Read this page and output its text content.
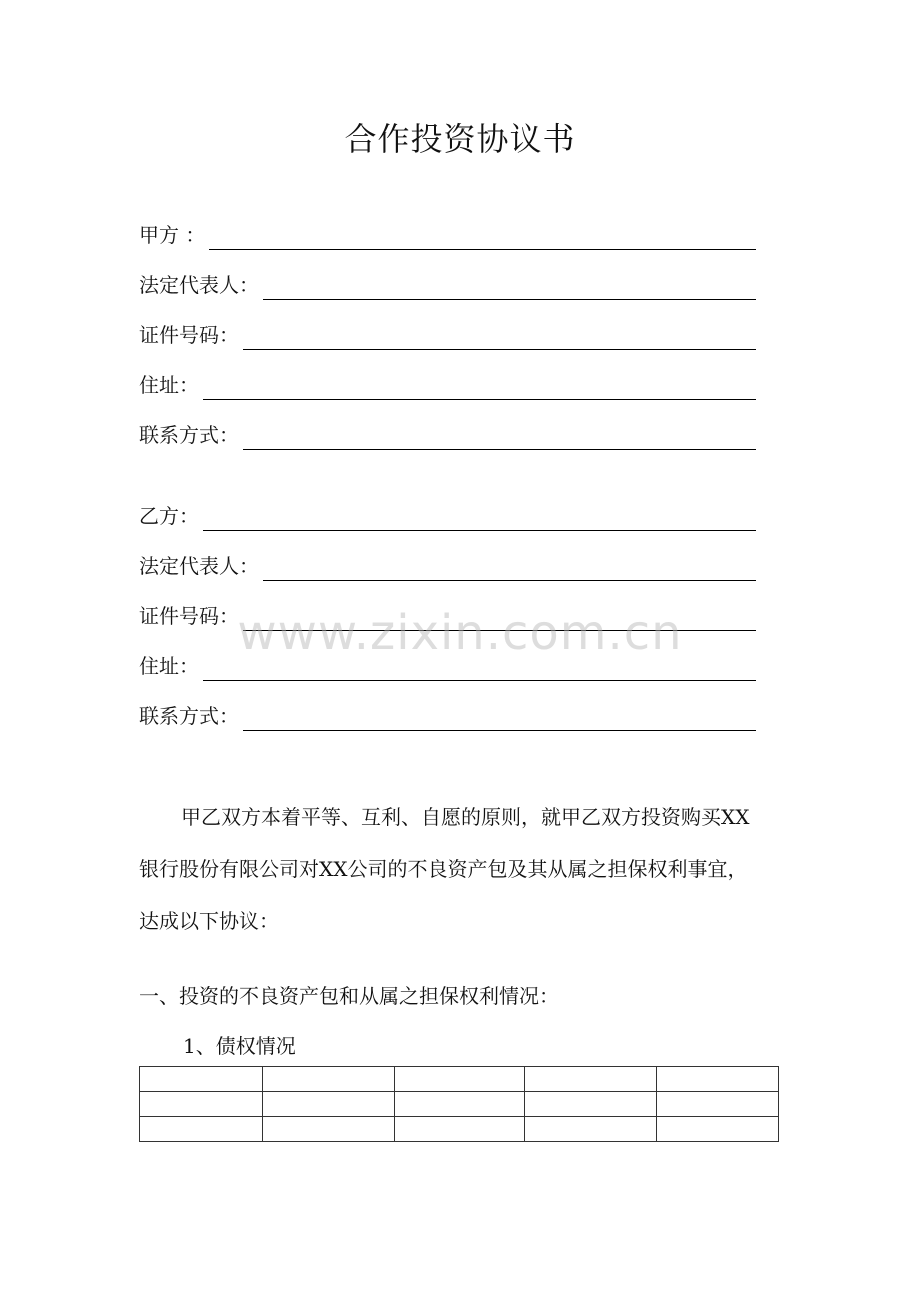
合作投资协议书
甲方 ：
法定代表人：
证件号码：
住址：
联系方式：
乙方：
法定代表人：
证件号码：
住址：
联系方式：
甲乙双方本着平等、互利、自愿的原则，就甲乙双方投资购买XX
银行股份有限公司对XX公司的不良资产包及其从属之担保权利事宜，
达成以下协议：
一、投资的不良资产包和从属之担保权利情况：
1、债权情况

www.zixin.com.cn
